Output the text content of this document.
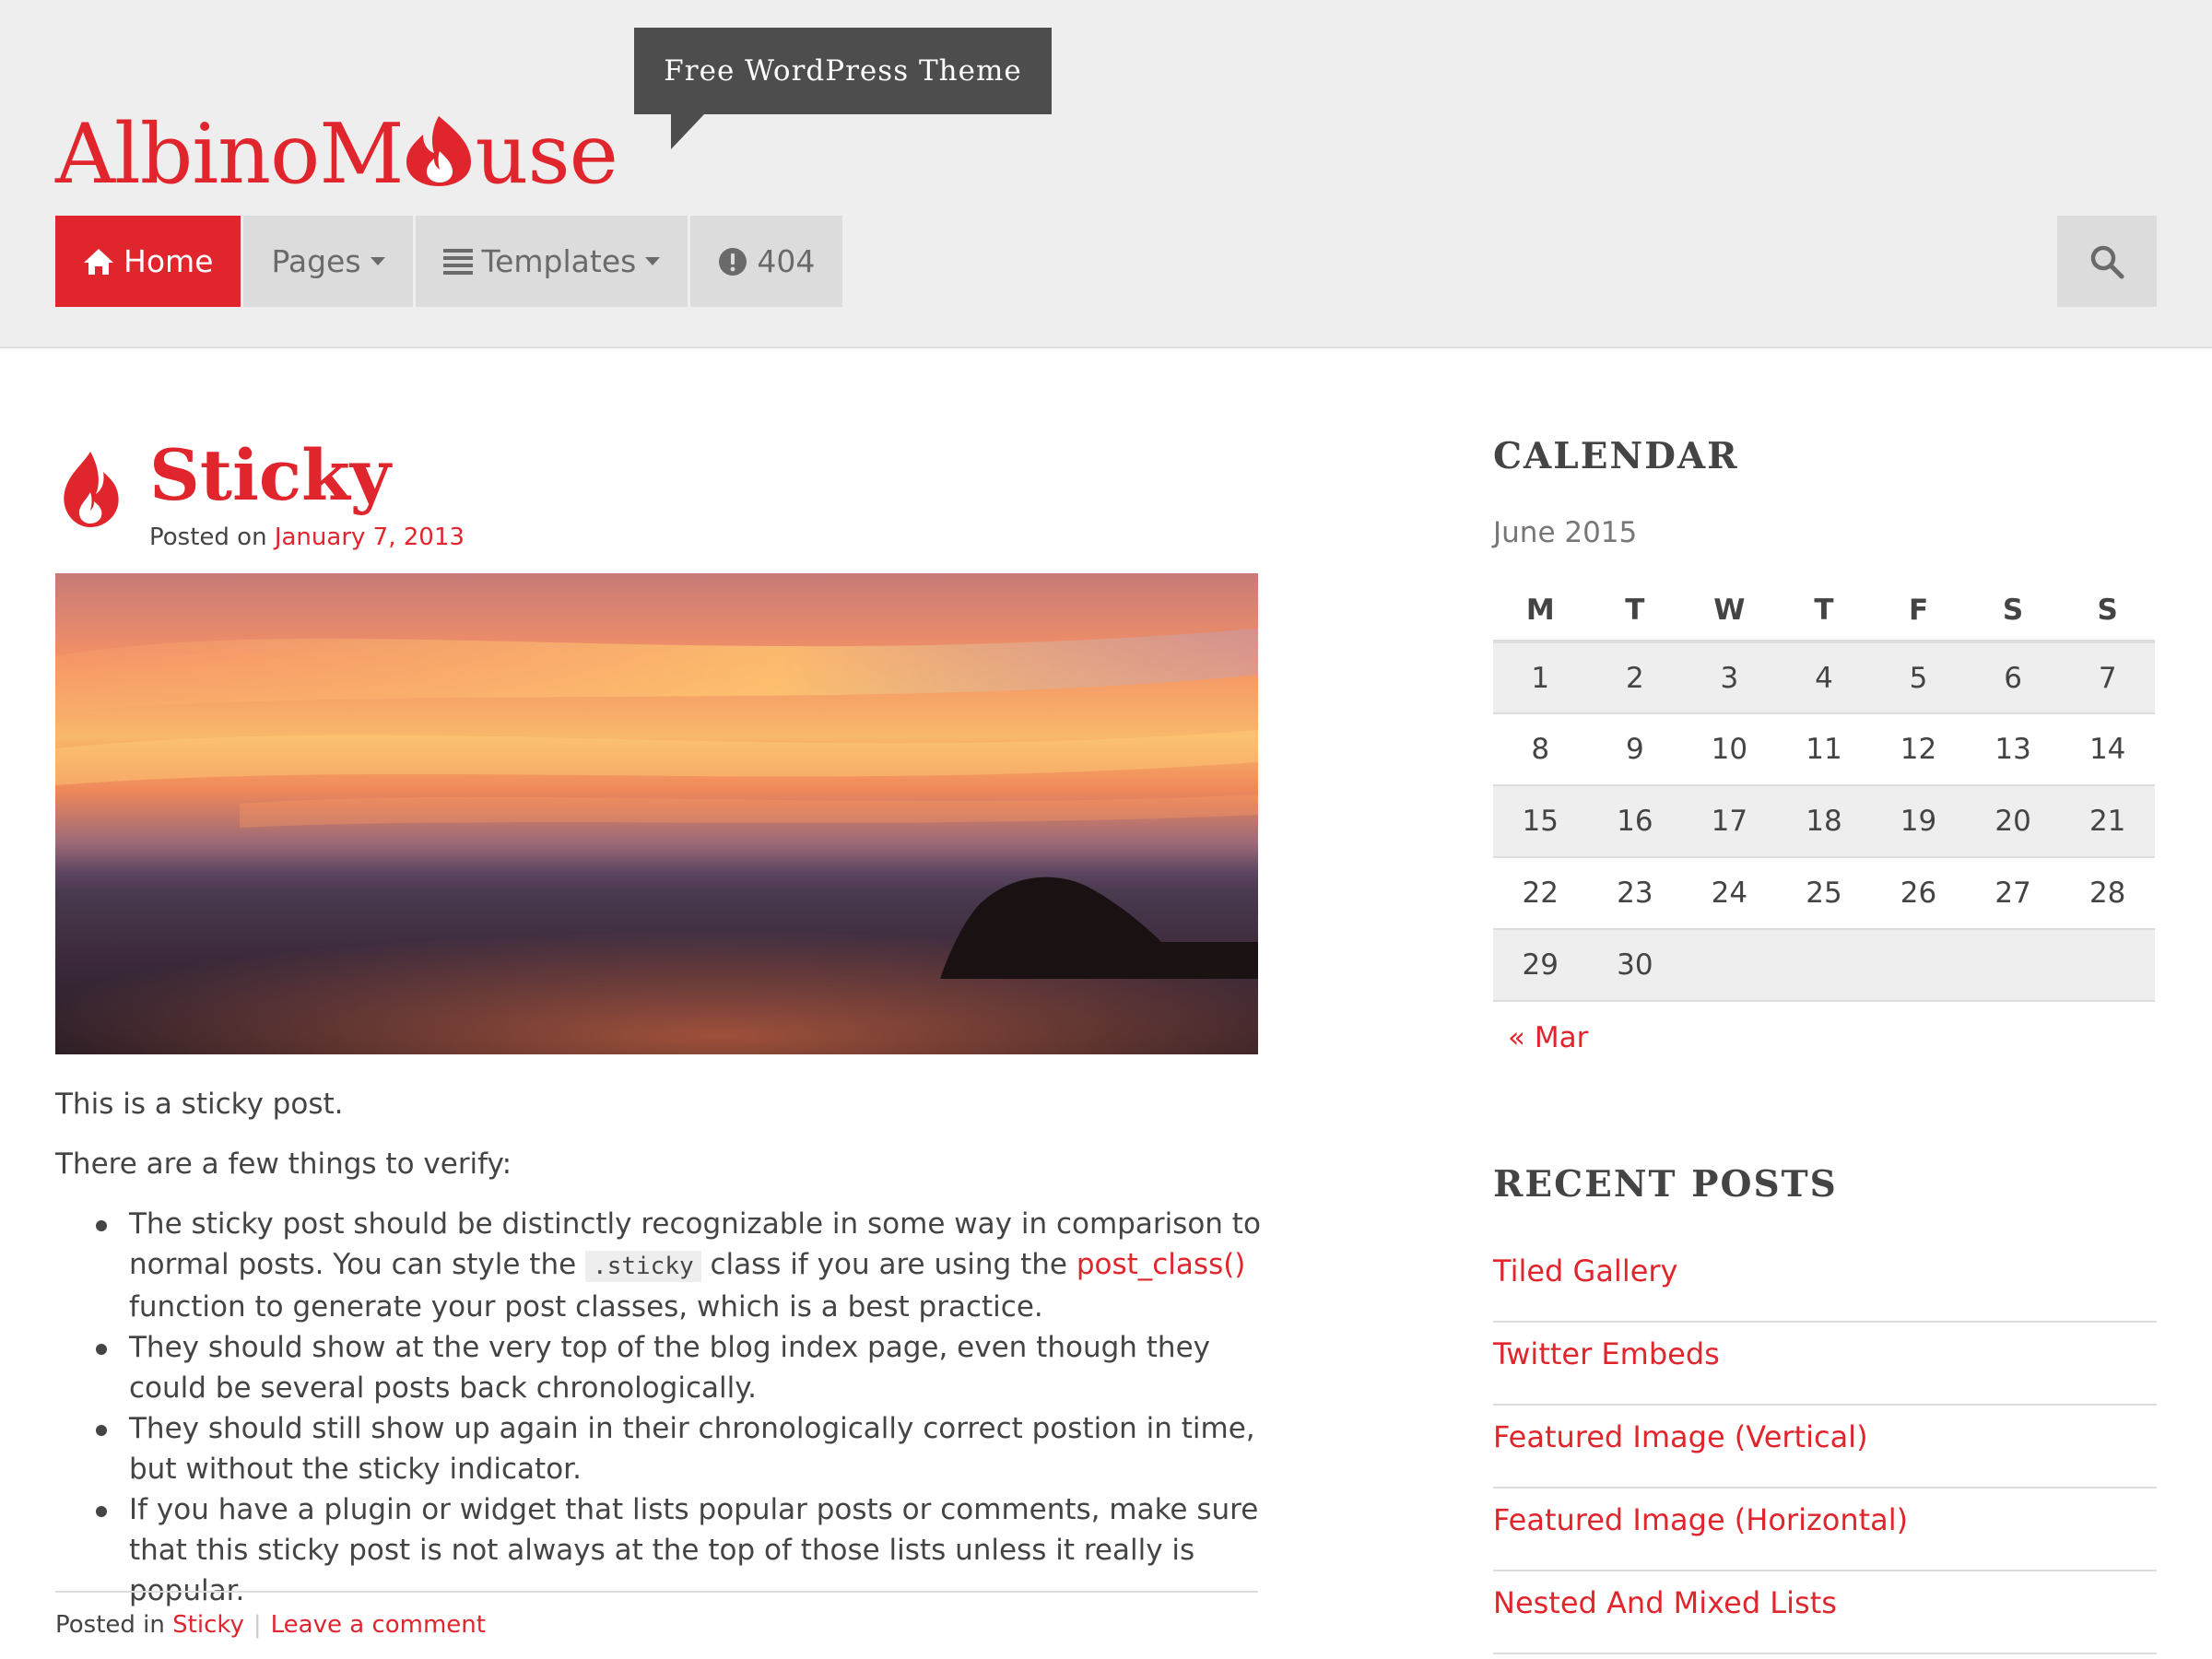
AlbinoM use
Free WordPress Theme
Home Pages	Templates	404
Sticky
Posted on January 7, 2013

This is a sticky post.

There are a few things to verify:

The sticky post should be distinctly recognizable in some way in comparison to normal posts. You can style the .sticky class if you are using the post_class() function to generate your post classes, which is a best practice.
They should show at the very top of the blog index page, even though they could be several posts back chronologically.
They should still show up again in their chronologically correct postion in time, but without the sticky indicator.
If you have a plugin or widget that lists popular posts or comments, make sure that this sticky post is not always at the top of those lists unless it really is popular.
Posted in Sticky | Leave a comment
CALENDAR
June 2015
M	T	W	T	F	S	S
1	2	3	4	5	6	7
8	9	10	11	12	13	14
15	16	17	18	19	20	21
22	23	24	25	26	27	28
29	30					
« Mar
RECENT POSTS
Tiled Gallery
Twitter Embeds
Featured Image (Vertical)
Featured Image (Horizontal)
Nested And Mixed Lists
